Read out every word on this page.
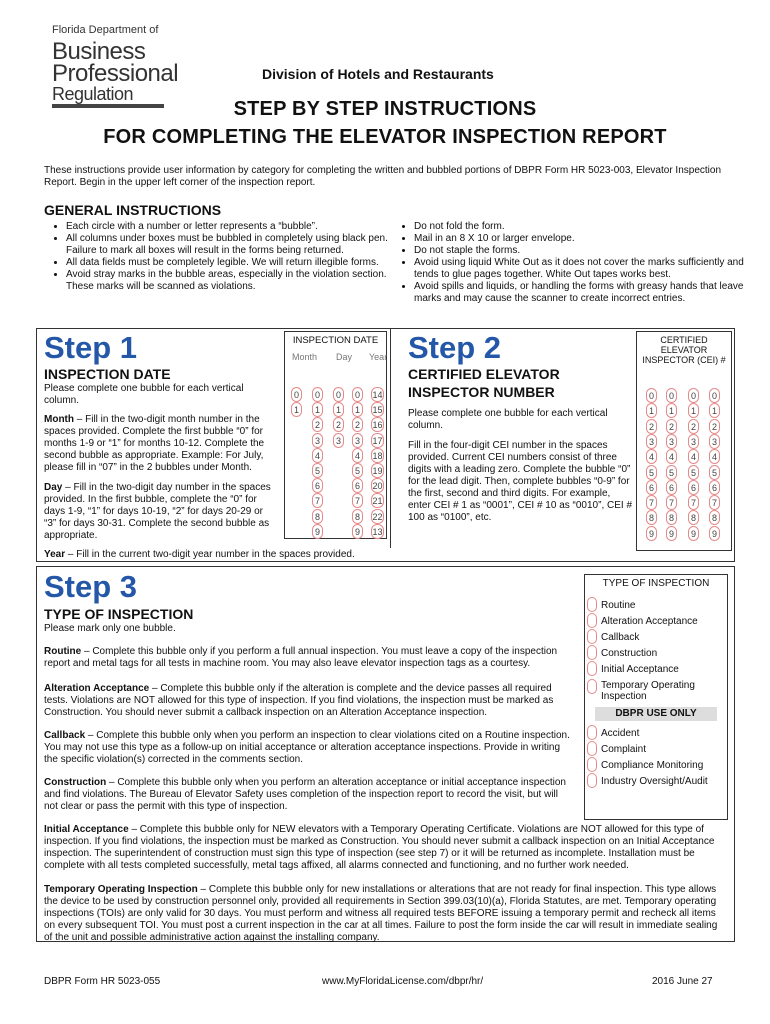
Florida Department of
Business
Professional
Regulation
Division of Hotels and Restaurants
STEP BY STEP INSTRUCTIONS
FOR COMPLETING THE ELEVATOR INSPECTION REPORT
These instructions provide user information by category for completing the written and bubbled portions of DBPR Form HR 5023-003, Elevator Inspection Report. Begin in the upper left corner of the inspection report.
GENERAL INSTRUCTIONS
• Each circle with a number or letter represents a “bubble”.
• All columns under boxes must be bubbled in completely using black pen. Failure to mark all boxes will result in the forms being returned.
• All data fields must be completely legible. We will return illegible forms.
• Avoid stray marks in the bubble areas, especially in the violation section. These marks will be scanned as violations.
• Do not fold the form.
• Mail in an 8 X 10 or larger envelope.
• Do not staple the forms.
• Avoid using liquid White Out as it does not cover the marks sufficiently and tends to glue pages together. White Out tapes works best.
• Avoid spills and liquids, or handling the forms with greasy hands that leave marks and may cause the scanner to create incorrect entries.
Step 1
INSPECTION DATE
Please complete one bubble for each vertical column.
Month – Fill in the two-digit month number in the spaces provided. Complete the first bubble “0” for months 1-9 or “1” for months 10-12. Complete the second bubble as appropriate. Example: For July, please fill in “07” in the 2 bubbles under Month.
Day – Fill in the two-digit day number in the spaces provided. In the first bubble, complete the “0” for days 1-9, “1” for days 10-19, “2” for days 20-29 or “3” for days 30-31. Complete the second bubble as appropriate.
Year – Fill in the current two-digit year number in the spaces provided.
INSPECTION DATE
Month Day Year Step 2
CERTIFIED ELEVATOR
INSPECTOR NUMBER
Please complete one bubble for each vertical column.
Fill in the four-digit CEI number in the spaces provided. Current CEI numbers consist of three digits with a leading zero. Complete the bubble “0” for the lead digit. Then, complete bubbles “0-9” for the first, second and third digits. For example, enter CEI # 1 as “0001”, CEI # 10 as “0010”, CEI # 100 as “0100”, etc.
CERTIFIED ELEVATOR
INSPECTOR (CEI) #
Step 3
TYPE OF INSPECTION
Please mark only one bubble.
Routine – Complete this bubble only if you perform a full annual inspection. You must leave a copy of the inspection report and metal tags for all tests in machine room. You may also leave elevator inspection tags as a courtesy.
Alteration Acceptance – Complete this bubble only if the alteration is complete and the device passes all required tests. Violations are NOT allowed for this type of inspection. If you find violations, the inspection must be marked as Construction. You should never submit a callback inspection on an Alteration Acceptance inspection.
Callback – Complete this bubble only when you perform an inspection to clear violations cited on a Routine inspection. You may not use this type as a follow-up on initial acceptance or alteration acceptance inspections. Provide in writing the specific violation(s) corrected in the comments section.
Construction – Complete this bubble only when you perform an alteration acceptance or initial acceptance inspection and find violations. The Bureau of Elevator Safety uses completion of the inspection report to record the visit, but will not clear or pass the permit with this type of inspection.
Initial Acceptance – Complete this bubble only for NEW elevators with a Temporary Operating Certificate. Violations are NOT allowed for this type of inspection. If you find violations, the inspection must be marked as Construction. You should never submit a callback inspection on an Initial Acceptance inspection. The superintendent of construction must sign this type of inspection (see step 7) or it will be returned as incomplete. Installation must be complete with all tests completed successfully, metal tags affixed, all alarms connected and functioning, and no further work needed.
Temporary Operating Inspection – Complete this bubble only for new installations or alterations that are not ready for final inspection. This type allows the device to be used by construction personnel only, provided all requirements in Section 399.03(10)(a), Florida Statutes, are met. Temporary operating inspections (TOIs) are only valid for 30 days. You must perform and witness all required tests BEFORE issuing a temporary permit and recheck all items on every subsequent TOI. You must post a current inspection in the car at all times. Failure to post the form inside the car will result in immediate sealing of the unit and possible administrative action against the installing company.
TYPE OF INSPECTION
Routine
Alteration Acceptance
Callback
Construction
Initial Acceptance
Temporary Operating Inspection
DBPR USE ONLY
Accident
Complaint
Compliance Monitoring
Industry Oversight/Audit
DBPR Form HR 5023-055	www.MyFloridaLicense.com/dbpr/hr/	2016 June 27
0
1
0
1
2
3
4
5
6
7
8
9
0
1
2
3
0
1
2
3
4
5
6
7
8
9
14
15
16
17
18
19
20
21
22
13
0
1
2
3
4
5
6
7
8
9
0
1
2
3
4
5
6
7
8
9
0
1
2
3
4
5
6
7
8
9
0
1
2
3
4
5
6
7
8
9
